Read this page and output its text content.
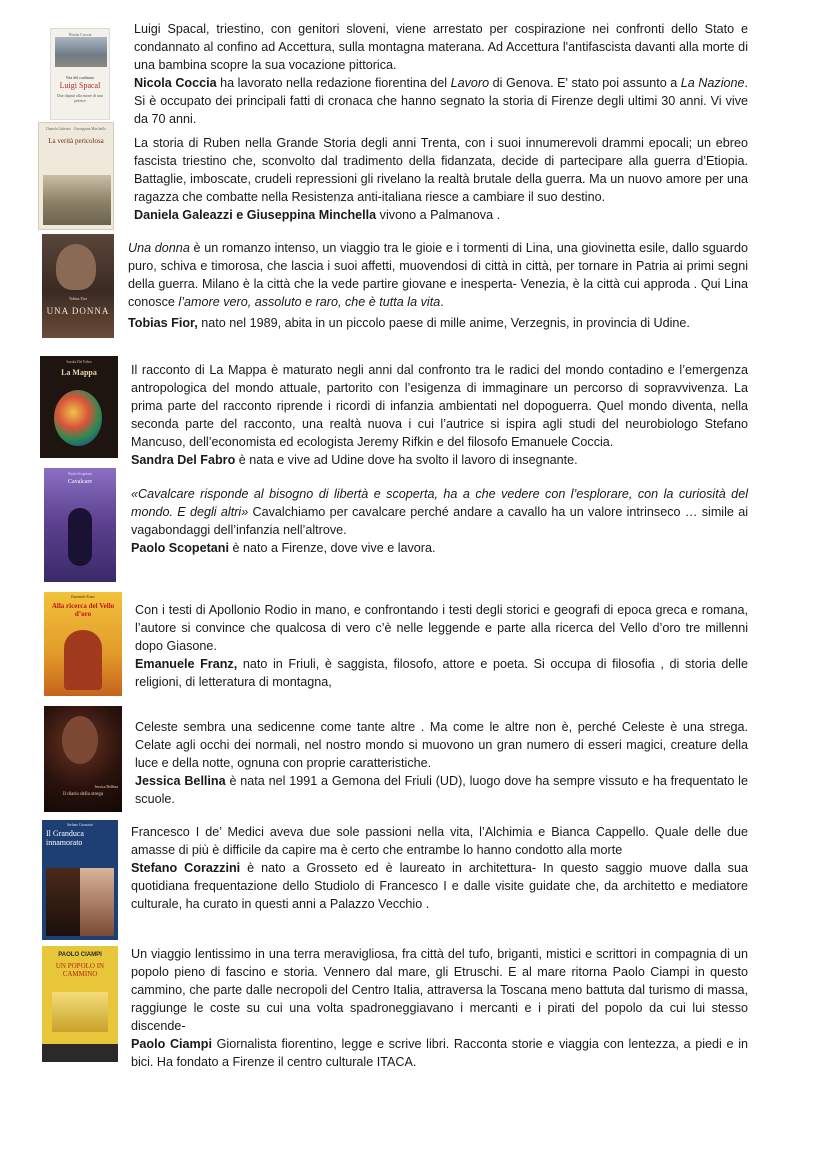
Nicola Coccia
Vita del confinato
Luigi Spacal
Due dipinti alla morte di una pittrice

Luigi Spacal, triestino, con genitori sloveni, viene arrestato per cospirazione nei confronti dello Stato e condannato al confino ad Accettura, sulla montagna materana. Ad Accettura l'antifascista davanti alla morte di una bambina scopre la sua vocazione pittorica.

Nicola Coccia ha lavorato nella redazione fiorentina del Lavoro di Genova. E' stato poi assunto a La Nazione. Si è occupato dei principali fatti di cronaca che hanno segnato la storia di Firenze degli ultimi 30 anni. Vi vive da 70 anni.

Daniela Galeazzi · Giuseppina Minchella
La verità pericolosa	La storia di Ruben nella Grande Storia degli anni Trenta, con i suoi innumerevoli drammi epocali; un ebreo fascista triestino che, sconvolto dal tradimento della fidanzata, decide di partecipare alla guerra d’Etiopia. Battaglie, imboscate, crudeli repressioni gli rivelano la realtà brutale della guerra. Ma un nuovo amore per una ragazza che combatte nella Resistenza anti-italiana riesce a cambiare il suo destino.

Daniela Galeazzi e Giuseppina Minchella vivono a Palmanova .

Tobias Fior
UNA DONNA

Una donna è un romanzo intenso, un viaggio tra le gioie e i tormenti di Lina, una giovinetta esile, dallo sguardo puro, schiva e timorosa, che lascia i suoi affetti, muovendosi di città in città, per tornare in Patria ai primi segni della guerra. Milano è la città che la vede partire giovane e inesperta- Venezia, è la città cui approda . Qui Lina conosce l’amore vero, assoluto e raro, che è tutta la vita.

Tobias Fior, nato nel 1989, abita in un piccolo paese di mille anime, Verzegnis, in provincia di Udine.

Sandra Del Fabro
La Mappa	Il racconto di La Mappa è maturato negli anni dal confronto tra le radici del mondo contadino e l’emergenza antropologica del mondo attuale, partorito con l’esigenza di immaginare un percorso di sopravvivenza. La prima parte del racconto riprende i ricordi di infanzia ambientati nel dopoguerra. Quel mondo diventa, nella seconda parte del racconto, una realtà nuova i cui l’autrice si ispira agli studi del neurobiologo Stefano Mancuso, dell’economista ed ecologista Jeremy Rifkin e del filosofo Emanuele Coccia.

Sandra Del Fabro è nata e vive ad Udine dove ha svolto il lavoro di insegnante.

Paolo Scopetani
Cavalcare

«Cavalcare risponde al bisogno di libertà e scoperta, ha a che vedere con l’esplorare, con la curiosità del mondo. E degli altri» Cavalchiamo per cavalcare perché andare a cavallo ha un valore intrinseco … simile ai vagabondaggi dell’infanzia nell’altrove.

Paolo Scopetani è nato a Firenze, dove vive e lavora.

Emanuele Franz
Alla ricerca del Vello d’oro	Con i testi di Apollonio Rodio in mano, e confrontando i testi degli storici e geografi di epoca greca e romana, l’autore si convince che qualcosa di vero c’è nelle leggende e parte alla ricerca del Vello d’oro tre millenni dopo Giasone.

Emanuele Franz, nato in Friuli, è saggista, filosofo, attore e poeta. Si occupa di filosofia , di storia delle religioni, di letteratura di montagna,

Jessica Bellina
Il diario della strega

Celeste sembra una sedicenne come tante altre . Ma come le altre non è, perché Celeste è una strega. Celate agli occhi dei normali, nel nostro mondo si muovono un gran numero di esseri magici, creature della luce e della notte, ognuna con proprie caratteristiche.

Jessica Bellina è nata nel 1991 a Gemona del Friuli (UD), luogo dove ha sempre vissuto e ha frequentato le scuole.

Stefano Corazzini
Il Granduca innamorato

Francesco I de’ Medici aveva due sole passioni nella vita, l’Alchimia e Bianca Cappello. Quale delle due amasse di più è difficile da capire ma è certo che entrambe lo hanno condotto alla morte

Stefano Corazzini è nato a Grosseto ed è laureato in architettura- In questo saggio muove dalla sua quotidiana frequentazione dello Studiolo di Francesco I e dalle visite guidate che, da architetto e mediatore culturale, ha curato in questi anni a Palazzo Vecchio .

PAOLO CIAMPI
UN POPOLO IN CAMMINO

Un viaggio lentissimo in una terra meravigliosa, fra città del tufo, briganti, mistici e scrittori in compagnia di un popolo pieno di fascino e storia. Vennero dal mare, gli Etruschi. E al mare ritorna Paolo Ciampi in questo cammino, che parte dalle necropoli del Centro Italia, attraversa la Toscana meno battuta dal turismo di massa, raggiunge le coste su cui una volta spadroneggiavano i mercanti e i pirati del popolo da cui lui stesso discende-

Paolo Ciampi Giornalista fiorentino, legge e scrive libri. Racconta storie e viaggia con lentezza, a piedi e in bici. Ha fondato a Firenze il centro culturale ITACA.
